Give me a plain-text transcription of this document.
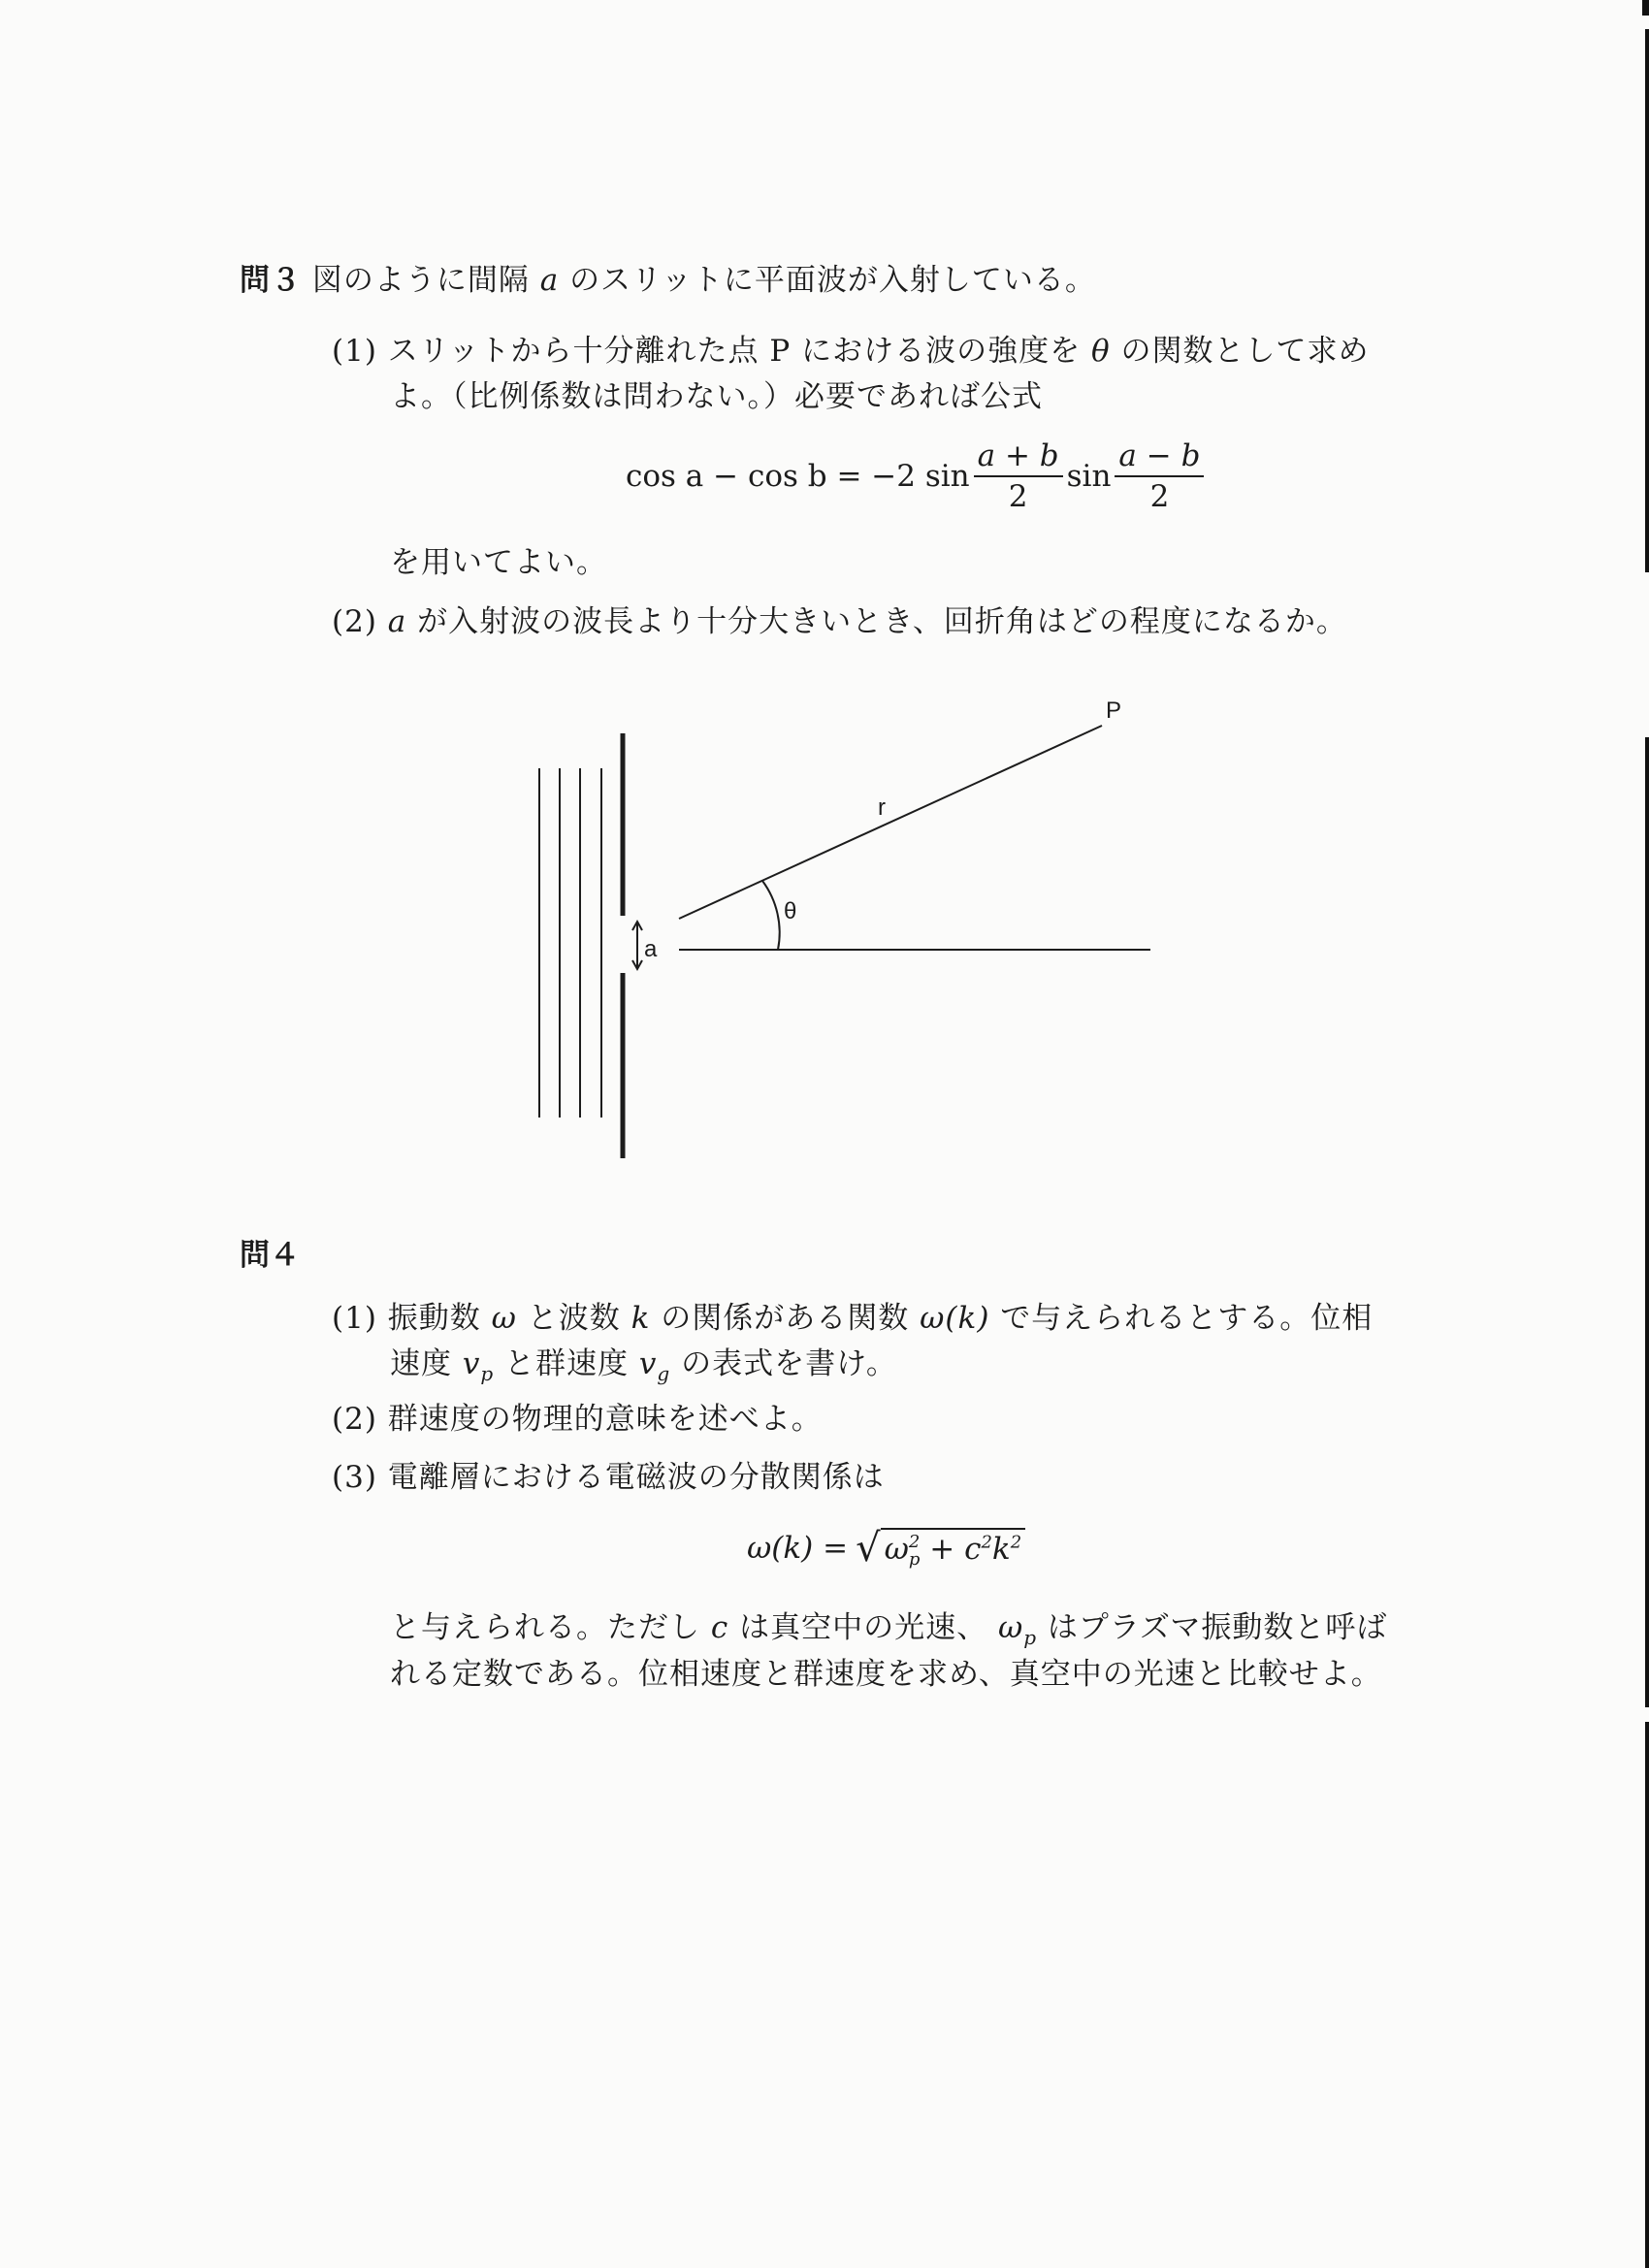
問３ 図のように間隔 a のスリットに平面波が入射している。
(1) スリットから十分離れた点 P における波の強度を θ の関数として求め
よ。（比例係数は問わない。）必要であれば公式
cos a − cos b = −2 $\sin \frac{a + b}{2}$ $\sin \frac{a - b}{2}$
を用いてよい。
(2) a が入射波の波長より十分大きいとき、回折角はどの程度になるか。
P
r
θ
a
問４
(1) 振動数 ω と波数 k の関係がある関数 ω(k) で与えられるとする。位相
速度 $v_p$ と群速度 $v_g$ の表式を書け。
(2) 群速度の物理的意味を述べよ。
(3) 電離層における電磁波の分散関係は
ω(k) = √ ω 2
$p + c^2k^2$
と与えられる。ただし c は真空中の光速、 $\omega_p$ はプラズマ振動数と呼ば
れる定数である。位相速度と群速度を求め、真空中の光速と比較せよ。
